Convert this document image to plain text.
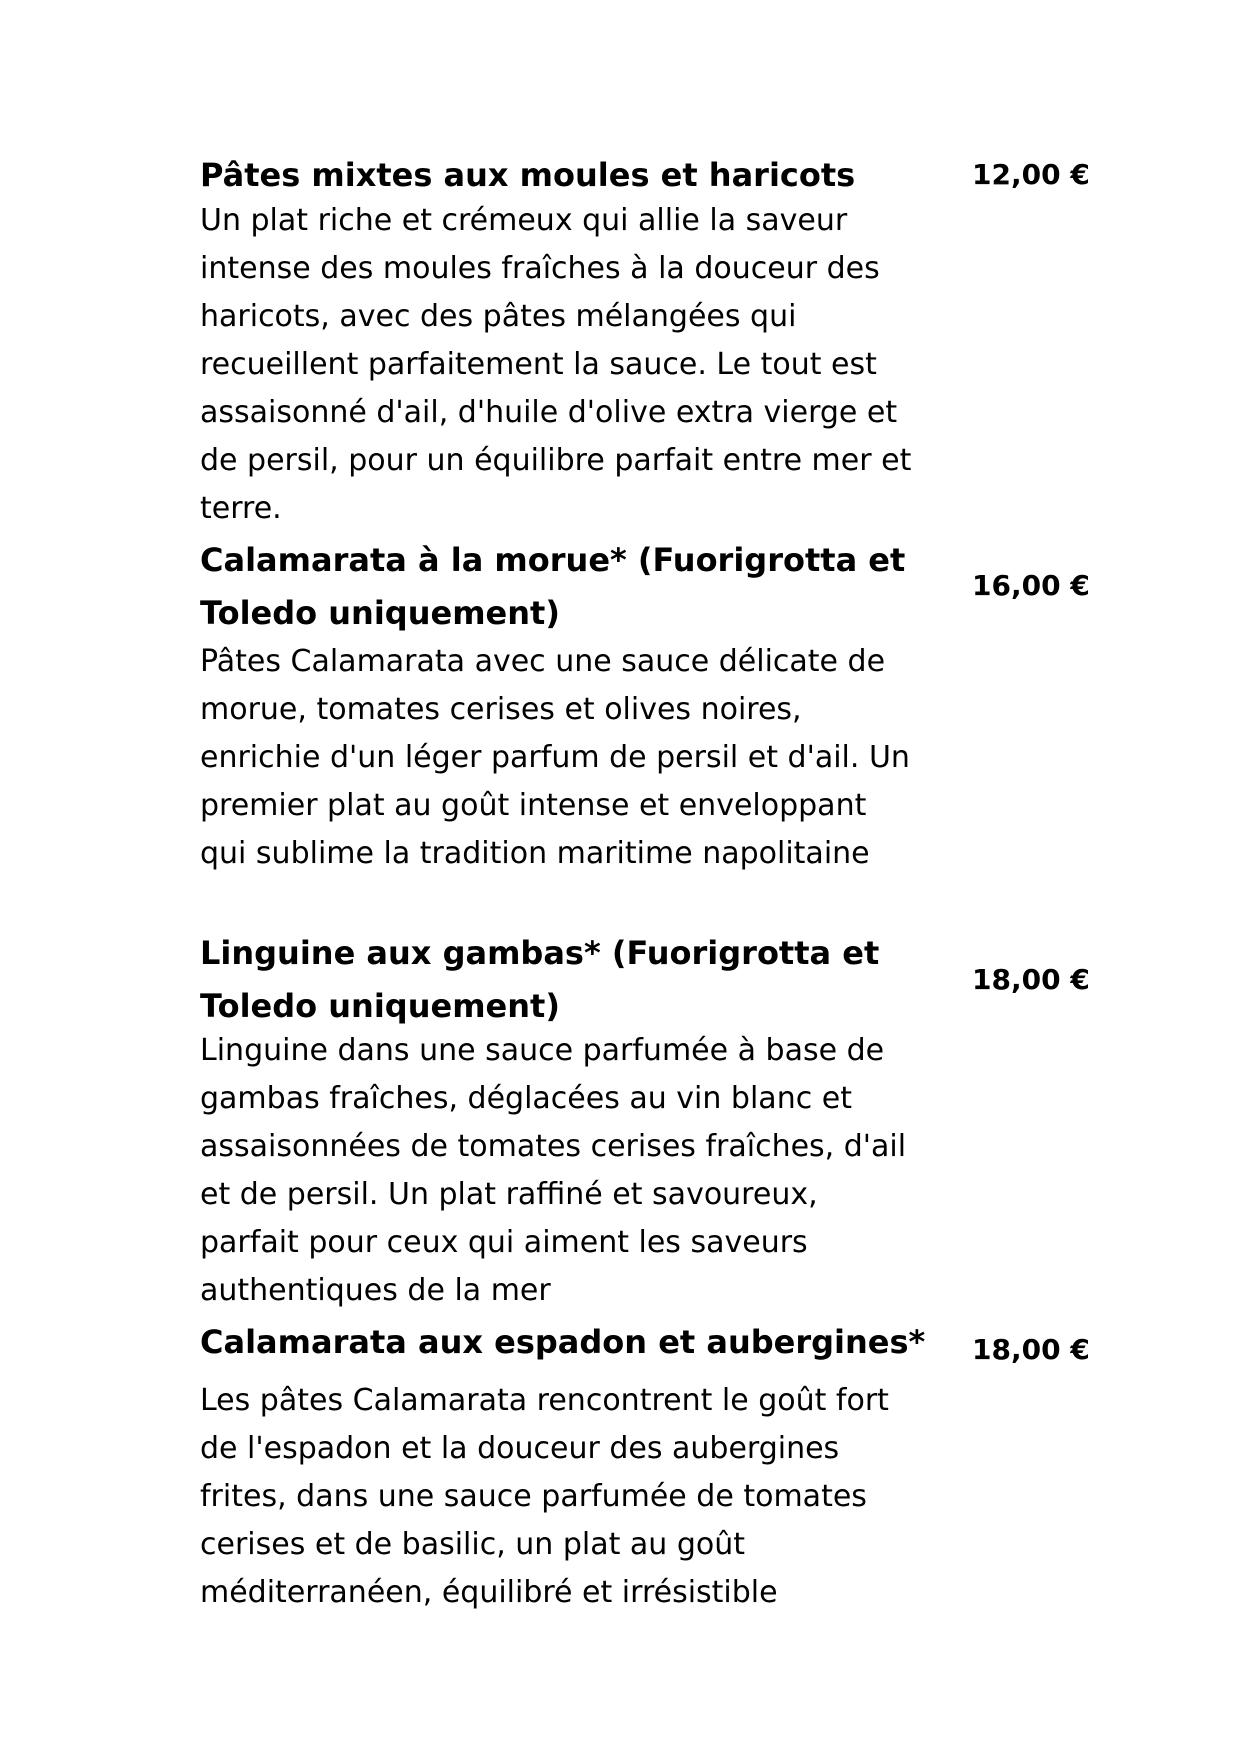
Pâtes mixtes aux moules et haricots
Un plat riche et crémeux qui allie la saveur
intense des moules fraîches à la douceur des
haricots, avec des pâtes mélangées qui
recueillent parfaitement la sauce. Le tout est
assaisonné d'ail, d'huile d'olive extra vierge et
de persil, pour un équilibre parfait entre mer et
terre.
12,00 €
Calamarata à la morue* (Fuorigrotta et
Toledo uniquement)
Pâtes Calamarata avec une sauce délicate de
morue, tomates cerises et olives noires,
enrichie d'un léger parfum de persil et d'ail. Un
premier plat au goût intense et enveloppant
qui sublime la tradition maritime napolitaine
16,00 €
Linguine aux gambas* (Fuorigrotta et
Toledo uniquement)
Linguine dans une sauce parfumée à base de
gambas fraîches, déglacées au vin blanc et
assaisonnées de tomates cerises fraîches, d'ail
et de persil. Un plat raffiné et savoureux,
parfait pour ceux qui aiment les saveurs
authentiques de la mer
18,00 €
Calamarata aux espadon et aubergines*
Les pâtes Calamarata rencontrent le goût fort
de l'espadon et la douceur des aubergines
frites, dans une sauce parfumée de tomates
cerises et de basilic, un plat au goût
méditerranéen, équilibré et irrésistible
18,00 €
